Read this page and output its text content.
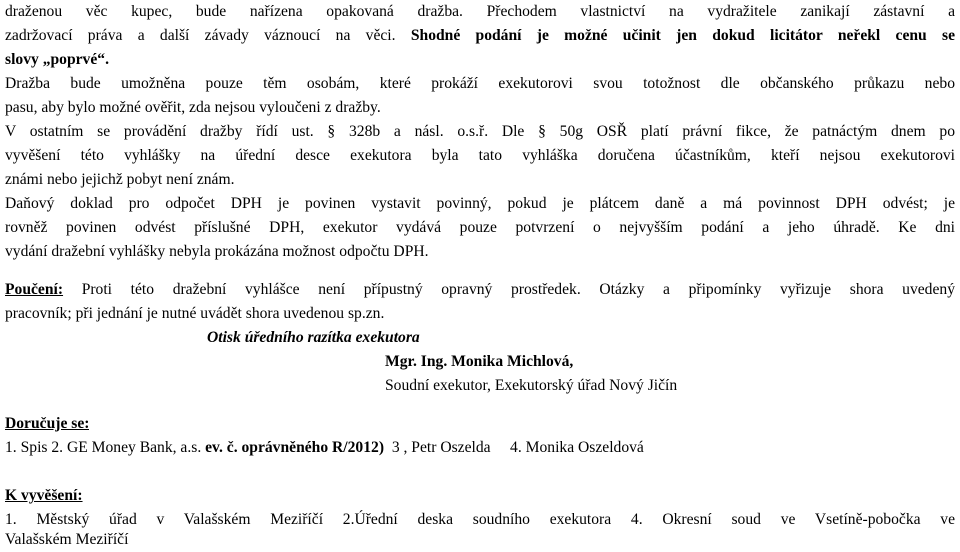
draženou věc kupec, bude nařízena opakovaná dražba. Přechodem vlastnictví na vydražitele zanikají zástavní a
zadržovací práva a další závady váznoucí na věci. Shodné podání je možné učinit jen dokud licitátor neřekl cenu se
slovy „poprvé“.
Dražba bude umožněna pouze těm osobám, které prokáží exekutorovi svou totožnost dle občanského průkazu nebo
pasu, aby bylo možné ověřit, zda nejsou vyloučeni z dražby.
V ostatním se provádění dražby řídí ust. § 328b a násl. o.s.ř. Dle § 50g OSŘ platí právní fikce, že patnáctým dnem po
vyvěšení této vyhlášky na úřední desce exekutora byla tato vyhláška doručena účastníkům, kteří nejsou exekutorovi
známi nebo jejichž pobyt není znám.
Daňový doklad pro odpočet DPH je povinen vystavit povinný, pokud je plátcem daně a má povinnost DPH odvést; je
rovněž povinen odvést příslušné DPH, exekutor vydává pouze potvrzení o nejvyšším podání a jeho úhradě. Ke dni
vydání dražební vyhlášky nebyla prokázána možnost odpočtu DPH.
Poučení: Proti této dražební vyhlášce není přípustný opravný prostředek. Otázky a připomínky vyřizuje shora uvedený
pracovník; při jednání je nutné uvádět shora uvedenou sp.zn.
Otisk úředního razítka exekutora
Mgr. Ing. Monika Michlová,
Soudní exekutor, Exekutorský úřad Nový Jičín
Doručuje se:
1. Spis 2. GE Money Bank, a.s. ev. č. oprávněného R/2012)  3 , Petr Oszelda     4. Monika Oszeldová
K vyvěšení:
1. Městský úřad v Valašském Meziříčí 2.Úřední deska soudního exekutora 4. Okresní soud ve Vsetíně-pobočka ve
Valašském Meziříčí
